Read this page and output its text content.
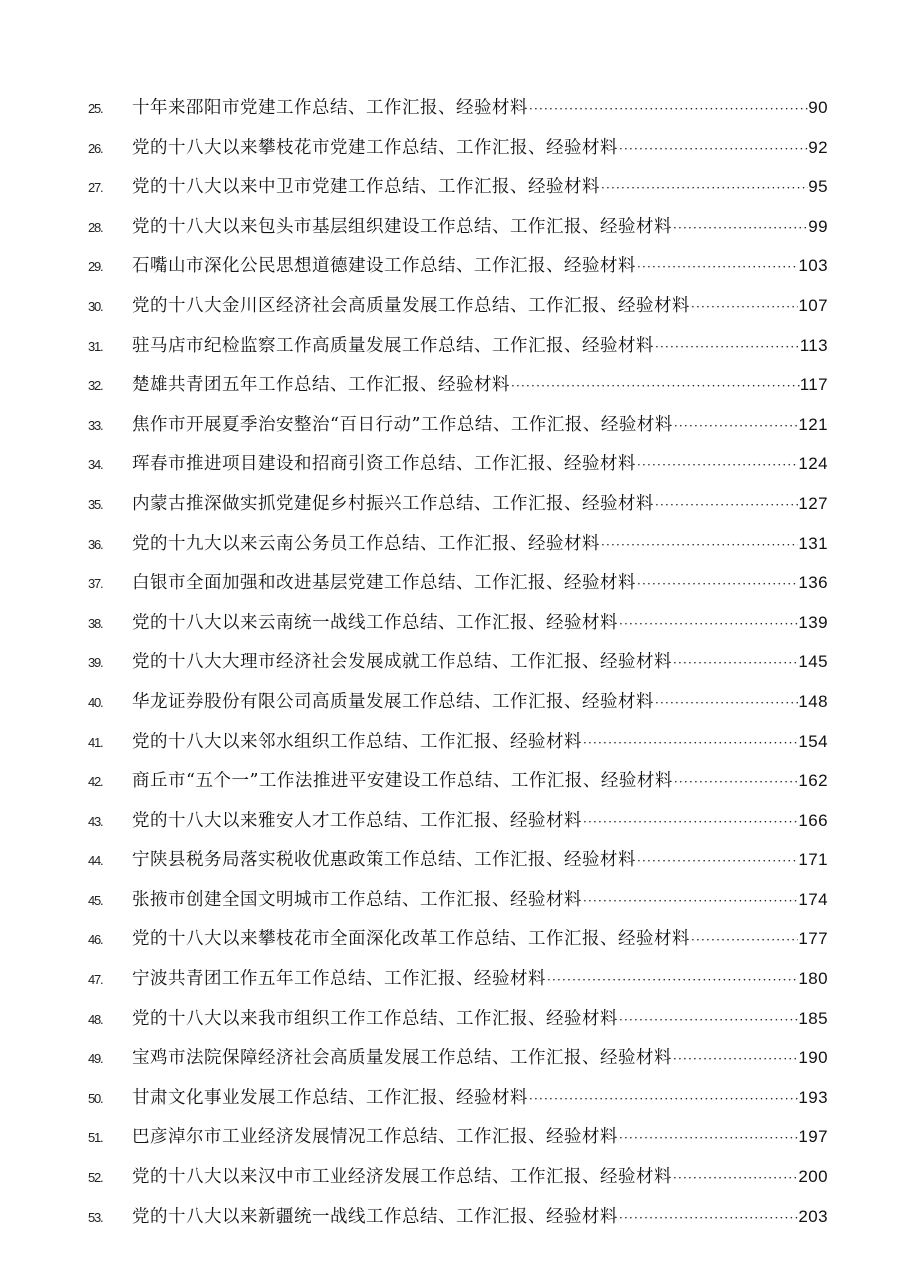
25.	十年来邵阳市党建工作总结、工作汇报、经验材料 ·····	90
26.	党的十八大以来攀枝花市党建工作总结、工作汇报、经验材料 ·····	92
27.	党的十八大以来中卫市党建工作总结、工作汇报、经验材料 ·····	95
28.	党的十八大以来包头市基层组织建设工作总结、工作汇报、经验材料 ·····	99
29.	石嘴山市深化公民思想道德建设工作总结、工作汇报、经验材料 ·····	103
30.	党的十八大金川区经济社会高质量发展工作总结、工作汇报、经验材料 ·····	107
31.	驻马店市纪检监察工作高质量发展工作总结、工作汇报、经验材料 ·····	113
32.	楚雄共青团五年工作总结、工作汇报、经验材料 ·····	117
33.	焦作市开展夏季治安整治“百日行动”工作总结、工作汇报、经验材料 ·····	121
34.	珲春市推进项目建设和招商引资工作总结、工作汇报、经验材料 ·····	124
35.	内蒙古推深做实抓党建促乡村振兴工作总结、工作汇报、经验材料 ·····	127
36.	党的十九大以来云南公务员工作总结、工作汇报、经验材料 ·····	131
37.	白银市全面加强和改进基层党建工作总结、工作汇报、经验材料 ·····	136
38.	党的十八大以来云南统一战线工作总结、工作汇报、经验材料 ·····	139
39.	党的十八大大理市经济社会发展成就工作总结、工作汇报、经验材料 ·····	145
40.	华龙证券股份有限公司高质量发展工作总结、工作汇报、经验材料 ·····	148
41.	党的十八大以来邻水组织工作总结、工作汇报、经验材料 ·····	154
42.	商丘市“五个一”工作法推进平安建设工作总结、工作汇报、经验材料 ·····	162
43.	党的十八大以来雅安人才工作总结、工作汇报、经验材料 ·····	166
44.	宁陕县税务局落实税收优惠政策工作总结、工作汇报、经验材料 ·····	171
45.	张掖市创建全国文明城市工作总结、工作汇报、经验材料 ·····	174
46.	党的十八大以来攀枝花市全面深化改革工作总结、工作汇报、经验材料 ·····	177
47.	宁波共青团工作五年工作总结、工作汇报、经验材料 ·····	180
48.	党的十八大以来我市组织工作工作总结、工作汇报、经验材料 ·····	185
49.	宝鸡市法院保障经济社会高质量发展工作总结、工作汇报、经验材料 ·····	190
50.	甘肃文化事业发展工作总结、工作汇报、经验材料 ·····	193
51.	巴彦淖尔市工业经济发展情况工作总结、工作汇报、经验材料 ·····	197
52.	党的十八大以来汉中市工业经济发展工作总结、工作汇报、经验材料 ·····	200
53.	党的十八大以来新疆统一战线工作总结、工作汇报、经验材料 ·····	203
